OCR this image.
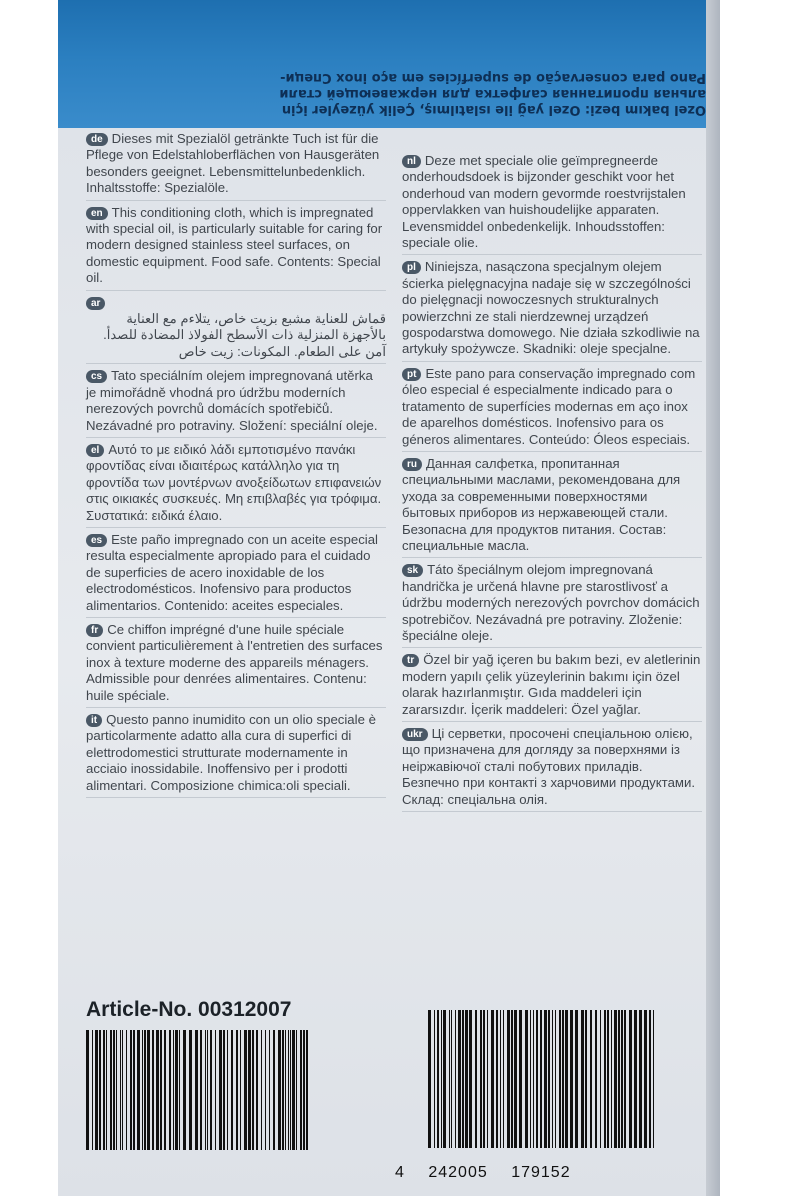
Pano para conservação de superfícies em aço inox Специ-
альная пропитанная салфетка для нержавеющей стали
Özel bakım bezi: Özel yağ ile ıslatılmış, Çelik yüzeyler için
de Dieses mit Spezialöl getränkte Tuch ist für die Pflege von Edelstahloberflächen von Hausgeräten besonders geeignet. Lebensmittelunbedenklich. Inhaltsstoffe: Spezialöle.
en This conditioning cloth, which is impregnated with special oil, is particularly suitable for caring for modern designed stainless steel surfaces, on domestic equipment. Food safe. Contents: Special oil.
ar
قماش للعناية مشبع بزيت خاص، يتلاءم مع العناية بالأجهزة المنزلية ذات الأسطح الفولاذ المضادة للصدأ. آمن على الطعام. المكونات: زيت خاص
cs Tato speciálním olejem impregnovaná utěrka je mimořádně vhodná pro údržbu moderních nerezových povrchů domácích spotřebičů. Nezávadné pro potraviny. Složení: speciální oleje.
el Αυτό το με ειδικό λάδι εμποτισμένο πανάκι φροντίδας είναι ιδιαιτέρως κατάλληλο για τη φροντίδα των μοντέρνων ανοξείδωτων επιφανειών στις οικιακές συσκευές. Μη επιβλαβές για τρόφιμα. Συστατικά: ειδικά έλαιο.
es Este paño impregnado con un aceite especial resulta especialmente apropiado para el cuidado de superficies de acero inoxidable de los electrodomésticos. Inofensivo para productos alimentarios. Contenido: aceites especiales.
fr Ce chiffon imprégné d'une huile spéciale convient particulièrement à l'entretien des surfaces inox à texture moderne des appareils ménagers. Admissible pour denrées alimentaires. Contenu: huile spéciale.
it Questo panno inumidito con un olio speciale è particolarmente adatto alla cura di superfici di elettrodomestici strutturate modernamente in acciaio inossidabile. Inoffensivo per i prodotti alimentari. Composizione chimica:oli speciali.
nl Deze met speciale olie geïmpregneerde onderhoudsdoek is bijzonder geschikt voor het onderhoud van modern gevormde roestvrijstalen oppervlakken van huishoudelijke apparaten. Levensmiddel onbedenkelijk. Inhoudsstoffen: speciale olie.
pl Niniejsza, nasączona specjalnym olejem ścierka pielęgnacyjna nadaje się w szczególności do pielęgnacji nowoczesnych strukturalnych powierzchni ze stali nierdzewnej urządzeń gospodarstwa domowego. Nie działa szkodliwie na artykuły spożywcze. Skadniki: oleje specjalne.
pt Este pano para conservação impregnado com óleo especial é especialmente indicado para o tratamento de superfícies modernas em aço inox de aparelhos domésticos. Inofensivo para os géneros alimentares. Conteúdo: Óleos especiais.
ru Данная салфетка, пропитанная специальными маслами, рекомендована для ухода за современными поверхностями бытовых приборов из нержавеющей стали. Безопасна для продуктов питания. Состав: специальные масла.
sk Táto špeciálnym olejom impregnovaná handrička je určená hlavne pre starostlivosť a údržbu moderných nerezových povrchov domácich spotrebičov. Nezávadná pre potraviny. Zloženie: špeciálne oleje.
tr Özel bir yağ içeren bu bakım bezi, ev aletlerinin modern yapılı çelik yüzeylerinin bakımı için özel olarak hazırlanmıştır. Gıda maddeleri için zararsızdır. İçerik maddeleri: Özel yağlar.
ukr Ці серветки, просочені спеціальною олією, що призначена для догляду за поверхнями із неіржавіючої сталі побутових приладів. Безпечно при контакті з харчовими продуктами. Склад: спеціальна олія.
Article-No. 00312007
4 242005 179152
